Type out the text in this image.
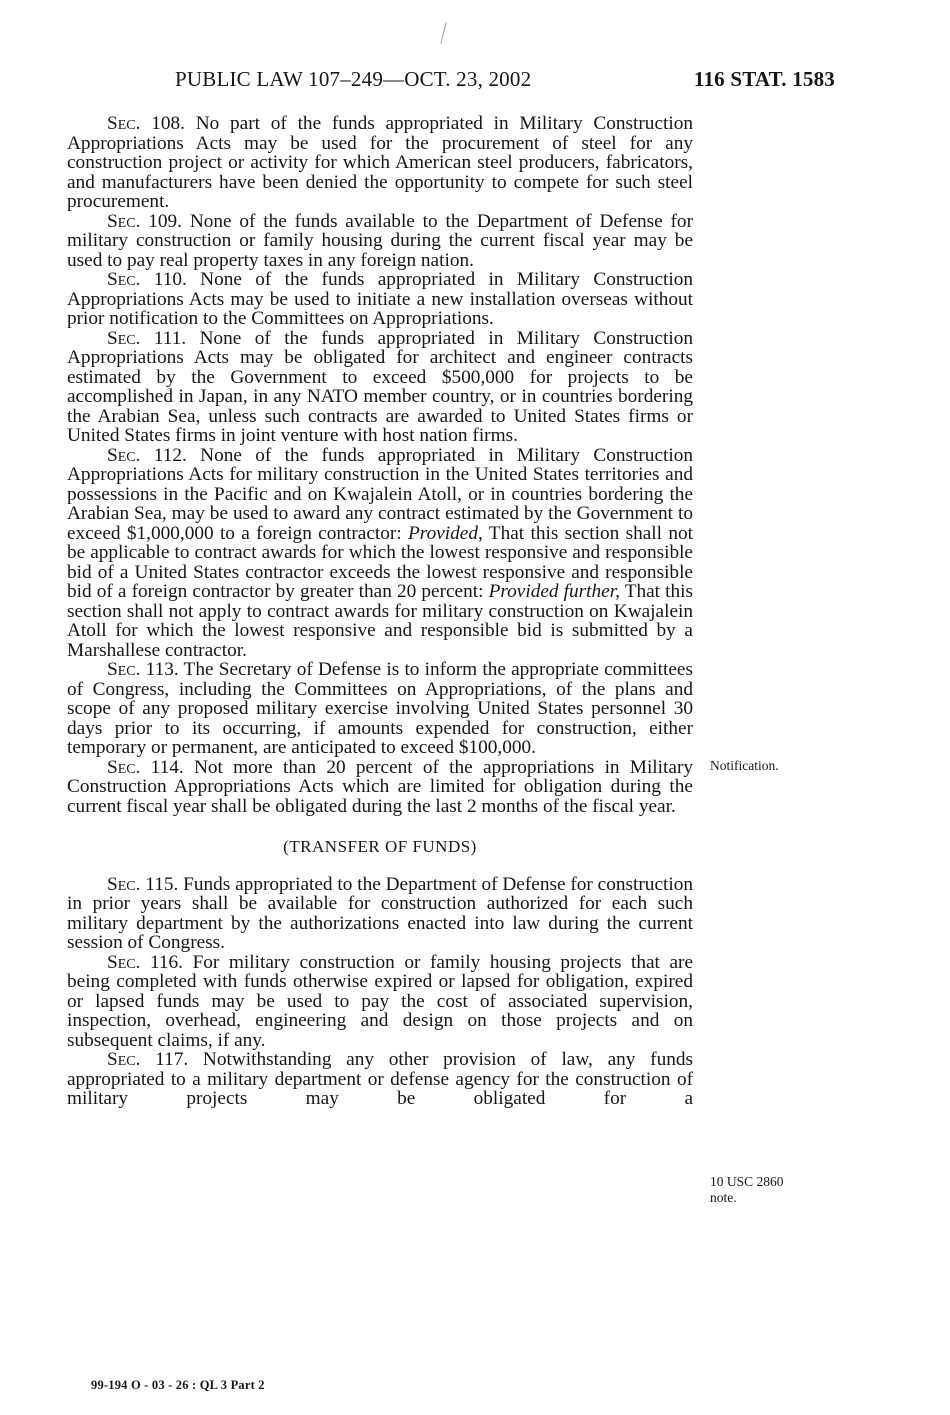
PUBLIC LAW 107–249—OCT. 23, 2002	116 STAT. 1583

Sec. 108. No part of the funds appropriated in Military Construction Appropriations Acts may be used for the procurement of steel for any construction project or activity for which American steel producers, fabricators, and manufacturers have been denied the opportunity to compete for such steel procurement.

Sec. 109. None of the funds available to the Department of Defense for military construction or family housing during the current fiscal year may be used to pay real property taxes in any foreign nation.

Sec. 110. None of the funds appropriated in Military Construction Appropriations Acts may be used to initiate a new installation overseas without prior notification to the Committees on Appropriations.

Sec. 111. None of the funds appropriated in Military Construction Appropriations Acts may be obligated for architect and engineer contracts estimated by the Government to exceed $500,000 for projects to be accomplished in Japan, in any NATO member country, or in countries bordering the Arabian Sea, unless such contracts are awarded to United States firms or United States firms in joint venture with host nation firms.

Sec. 112. None of the funds appropriated in Military Construction Appropriations Acts for military construction in the United States territories and possessions in the Pacific and on Kwajalein Atoll, or in countries bordering the Arabian Sea, may be used to award any contract estimated by the Government to exceed $1,000,000 to a foreign contractor: Provided, That this section shall not be applicable to contract awards for which the lowest responsive and responsible bid of a United States contractor exceeds the lowest responsive and responsible bid of a foreign contractor by greater than 20 percent: Provided further, That this section shall not apply to contract awards for military construction on Kwajalein Atoll for which the lowest responsive and responsible bid is submitted by a Marshallese contractor.

Sec. 113. The Secretary of Defense is to inform the appropriate committees of Congress, including the Committees on Appropriations, of the plans and scope of any proposed military exercise involving United States personnel 30 days prior to its occurring, if amounts expended for construction, either temporary or permanent, are anticipated to exceed $100,000.

Sec. 114. Not more than 20 percent of the appropriations in Military Construction Appropriations Acts which are limited for obligation during the current fiscal year shall be obligated during the last 2 months of the fiscal year.

(TRANSFER OF FUNDS)

Sec. 115. Funds appropriated to the Department of Defense for construction in prior years shall be available for construction authorized for each such military department by the authorizations enacted into law during the current session of Congress.

Sec. 116. For military construction or family housing projects that are being completed with funds otherwise expired or lapsed for obligation, expired or lapsed funds may be used to pay the cost of associated supervision, inspection, overhead, engineering and design on those projects and on subsequent claims, if any.

Sec. 117. Notwithstanding any other provision of law, any funds appropriated to a military department or defense agency for the construction of military projects may be obligated for a

Notification.
10 USC 2860
note.
99-194 O - 03 - 26 : QL 3 Part 2
